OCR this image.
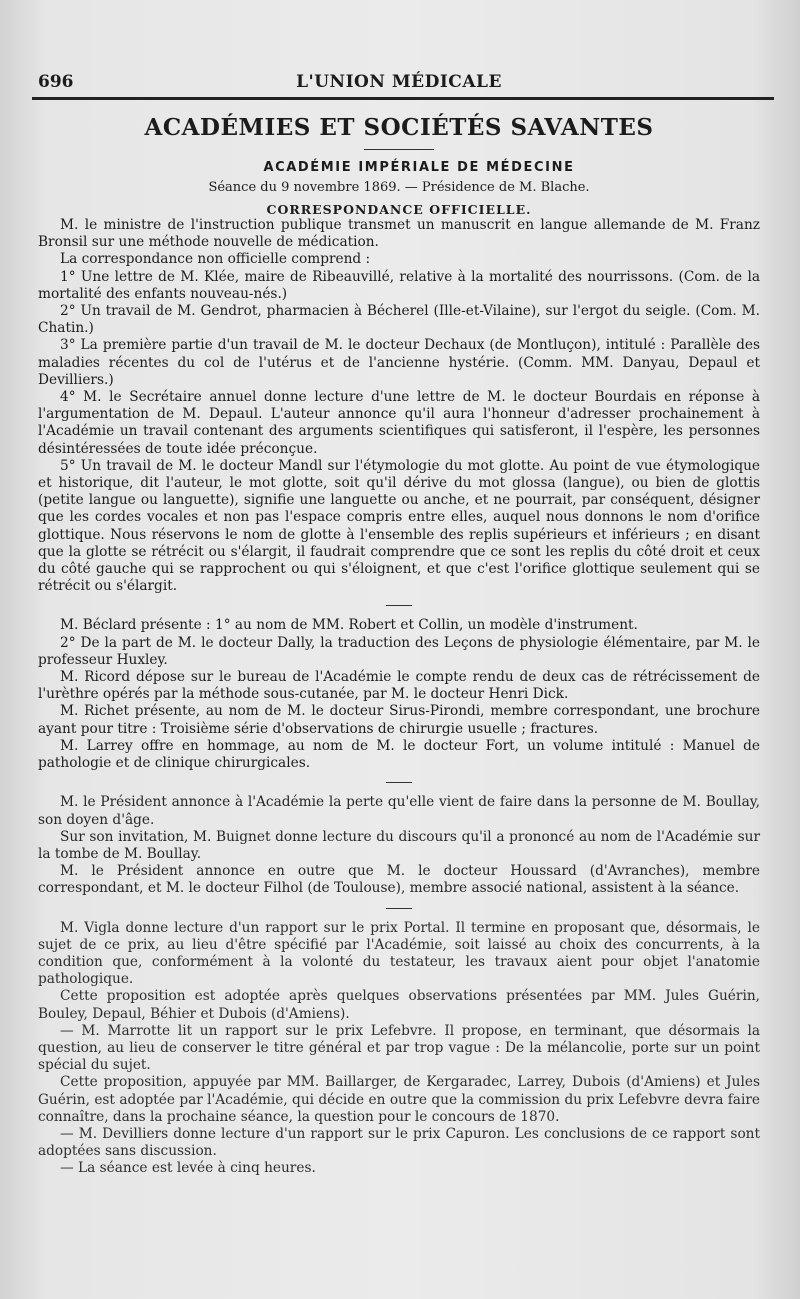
696	L'UNION MÉDICALE
ACADÉMIES ET SOCIÉTÉS SAVANTES
ACADÉMIE IMPÉRIALE DE MÉDECINE
Séance du 9 novembre 1869. — Présidence de M. Blache.
CORRESPONDANCE OFFICIELLE.

M. le ministre de l'instruction publique transmet un manuscrit en langue allemande de M. Franz Bronsil sur une méthode nouvelle de médication.

La correspondance non officielle comprend :

1° Une lettre de M. Klée, maire de Ribeauvillé, relative à la mortalité des nourrissons. (Com. de la mortalité des enfants nouveau-nés.)

2° Un travail de M. Gendrot, pharmacien à Bécherel (Ille-et-Vilaine), sur l'ergot du seigle. (Com. M. Chatin.)

3° La première partie d'un travail de M. le docteur Dechaux (de Montluçon), intitulé : Parallèle des maladies récentes du col de l'utérus et de l'ancienne hystérie. (Comm. MM. Danyau, Depaul et Devilliers.)

4° M. le Secrétaire annuel donne lecture d'une lettre de M. le docteur Bourdais en réponse à l'argumentation de M. Depaul. L'auteur annonce qu'il aura l'honneur d'adresser prochainement à l'Académie un travail contenant des arguments scientifiques qui satisferont, il l'espère, les personnes désintéressées de toute idée préconçue.

5° Un travail de M. le docteur Mandl sur l'étymologie du mot glotte. Au point de vue étymologique et historique, dit l'auteur, le mot glotte, soit qu'il dérive du mot glossa (langue), ou bien de glottis (petite langue ou languette), signifie une languette ou anche, et ne pourrait, par conséquent, désigner que les cordes vocales et non pas l'espace compris entre elles, auquel nous donnons le nom d'orifice glottique. Nous réservons le nom de glotte à l'ensemble des replis supérieurs et inférieurs ; en disant que la glotte se rétrécit ou s'élargit, il faudrait comprendre que ce sont les replis du côté droit et ceux du côté gauche qui se rapprochent ou qui s'éloignent, et que c'est l'orifice glottique seulement qui se rétrécit ou s'élargit.

M. Béclard présente : 1° au nom de MM. Robert et Collin, un modèle d'instrument.

2° De la part de M. le docteur Dally, la traduction des Leçons de physiologie élémentaire, par M. le professeur Huxley.

M. Ricord dépose sur le bureau de l'Académie le compte rendu de deux cas de rétrécissement de l'urèthre opérés par la méthode sous-cutanée, par M. le docteur Henri Dick.

M. Richet présente, au nom de M. le docteur Sirus-Pirondi, membre correspondant, une brochure ayant pour titre : Troisième série d'observations de chirurgie usuelle ; fractures.

M. Larrey offre en hommage, au nom de M. le docteur Fort, un volume intitulé : Manuel de pathologie et de clinique chirurgicales.

M. le Président annonce à l'Académie la perte qu'elle vient de faire dans la personne de M. Boullay, son doyen d'âge.

Sur son invitation, M. Buignet donne lecture du discours qu'il a prononcé au nom de l'Académie sur la tombe de M. Boullay.

M. le Président annonce en outre que M. le docteur Houssard (d'Avranches), membre correspondant, et M. le docteur Filhol (de Toulouse), membre associé national, assistent à la séance.

M. Vigla donne lecture d'un rapport sur le prix Portal. Il termine en proposant que, désormais, le sujet de ce prix, au lieu d'être spécifié par l'Académie, soit laissé au choix des concurrents, à la condition que, conformément à la volonté du testateur, les travaux aient pour objet l'anatomie pathologique.

Cette proposition est adoptée après quelques observations présentées par MM. Jules Guérin, Bouley, Depaul, Béhier et Dubois (d'Amiens).

— M. Marrotte lit un rapport sur le prix Lefebvre. Il propose, en terminant, que désormais la question, au lieu de conserver le titre général et par trop vague : De la mélancolie, porte sur un point spécial du sujet.

Cette proposition, appuyée par MM. Baillarger, de Kergaradec, Larrey, Dubois (d'Amiens) et Jules Guérin, est adoptée par l'Académie, qui décide en outre que la commission du prix Lefebvre devra faire connaître, dans la prochaine séance, la question pour le concours de 1870.

— M. Devilliers donne lecture d'un rapport sur le prix Capuron. Les conclusions de ce rapport sont adoptées sans discussion.

— La séance est levée à cinq heures.
